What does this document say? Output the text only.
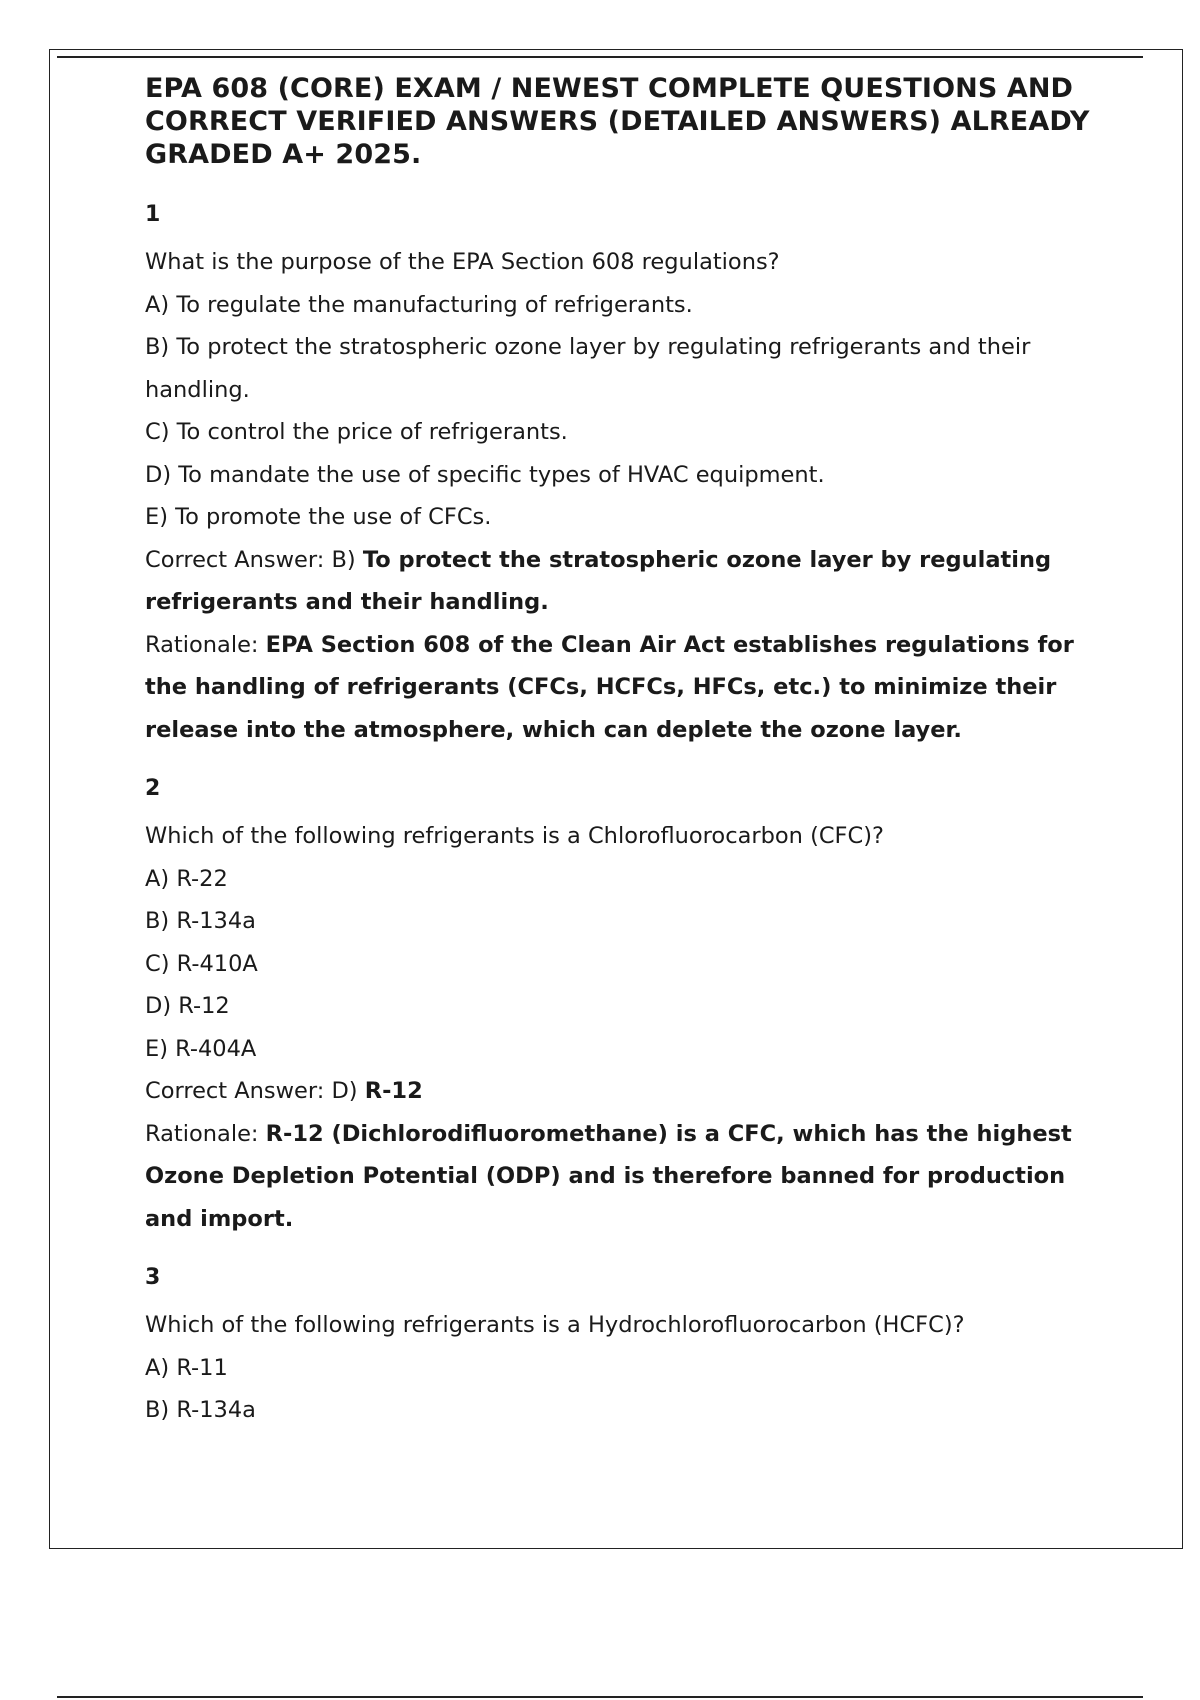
EPA 608 (CORE) EXAM / NEWEST COMPLETE QUESTIONS AND CORRECT VERIFIED ANSWERS (DETAILED ANSWERS) ALREADY GRADED A+ 2025.
1
What is the purpose of the EPA Section 608 regulations?
A) To regulate the manufacturing of refrigerants.
B) To protect the stratospheric ozone layer by regulating refrigerants and their handling.
C) To control the price of refrigerants.
D) To mandate the use of specific types of HVAC equipment.
E) To promote the use of CFCs.
Correct Answer: B) To protect the stratospheric ozone layer by regulating refrigerants and their handling.
Rationale: EPA Section 608 of the Clean Air Act establishes regulations for the handling of refrigerants (CFCs, HCFCs, HFCs, etc.) to minimize their release into the atmosphere, which can deplete the ozone layer.
2
Which of the following refrigerants is a Chlorofluorocarbon (CFC)?
A) R-22
B) R-134a
C) R-410A
D) R-12
E) R-404A
Correct Answer: D) R-12
Rationale: R-12 (Dichlorodifluoromethane) is a CFC, which has the highest Ozone Depletion Potential (ODP) and is therefore banned for production and import.
3
Which of the following refrigerants is a Hydrochlorofluorocarbon (HCFC)?
A) R-11
B) R-134a
